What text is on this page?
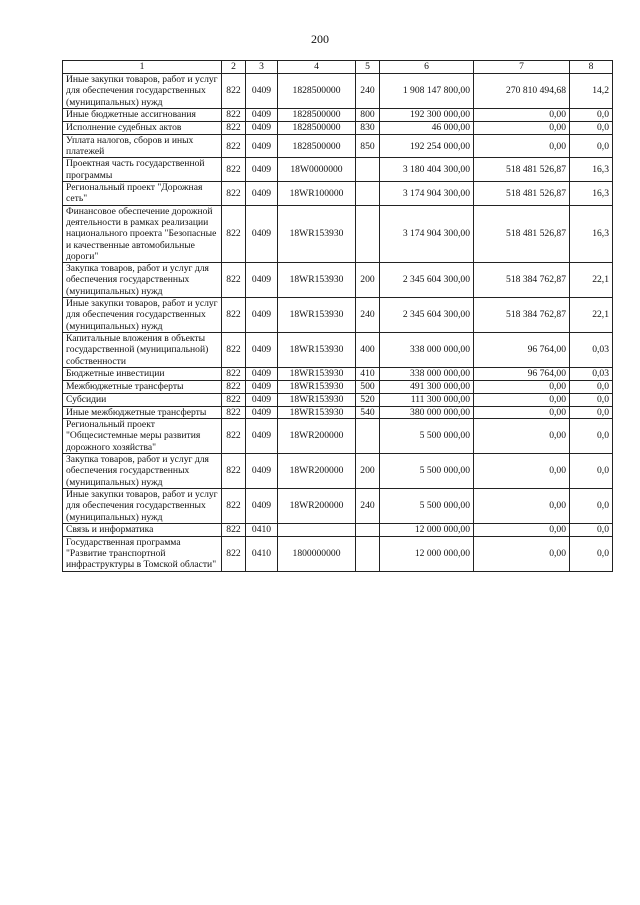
200
1	2	3	4	5	6	7	8
Иные закупки товаров, работ и услуг для обеспечения государственных (муниципальных) нужд	822	0409	1828500000	240	1 908 147 800,00	270 810 494,68	14,2
Иные бюджетные ассигнования	822	0409	1828500000	800	192 300 000,00	0,00	0,0
Исполнение судебных актов	822	0409	1828500000	830	46 000,00	0,00	0,0
Уплата налогов, сборов и иных платежей	822	0409	1828500000	850	192 254 000,00	0,00	0,0
Проектная часть государственной программы	822	0409	18W0000000		3 180 404 300,00	518 481 526,87	16,3
Региональный проект "Дорожная сеть"	822	0409	18WR100000		3 174 904 300,00	518 481 526,87	16,3
Финансовое обеспечение дорожной деятельности в рамках реализации национального проекта "Безопасные и качественные автомобильные дороги"	822	0409	18WR153930		3 174 904 300,00	518 481 526,87	16,3
Закупка товаров, работ и услуг для обеспечения государственных (муниципальных) нужд	822	0409	18WR153930	200	2 345 604 300,00	518 384 762,87	22,1
Иные закупки товаров, работ и услуг для обеспечения государственных (муниципальных) нужд	822	0409	18WR153930	240	2 345 604 300,00	518 384 762,87	22,1
Капитальные вложения в объекты государственной (муниципальной) собственности	822	0409	18WR153930	400	338 000 000,00	96 764,00	0,03
Бюджетные инвестиции	822	0409	18WR153930	410	338 000 000,00	96 764,00	0,03
Межбюджетные трансферты	822	0409	18WR153930	500	491 300 000,00	0,00	0,0
Субсидии	822	0409	18WR153930	520	111 300 000,00	0,00	0,0
Иные межбюджетные трансферты	822	0409	18WR153930	540	380 000 000,00	0,00	0,0
Региональный проект "Общесистемные меры развития дорожного хозяйства"	822	0409	18WR200000		5 500 000,00	0,00	0,0
Закупка товаров, работ и услуг для обеспечения государственных (муниципальных) нужд	822	0409	18WR200000	200	5 500 000,00	0,00	0,0
Иные закупки товаров, работ и услуг для обеспечения государственных (муниципальных) нужд	822	0409	18WR200000	240	5 500 000,00	0,00	0,0
Связь и информатика	822	0410			12 000 000,00	0,00	0,0
Государственная программа "Развитие транспортной инфраструктуры в Томской области"	822	0410	1800000000		12 000 000,00	0,00	0,0
